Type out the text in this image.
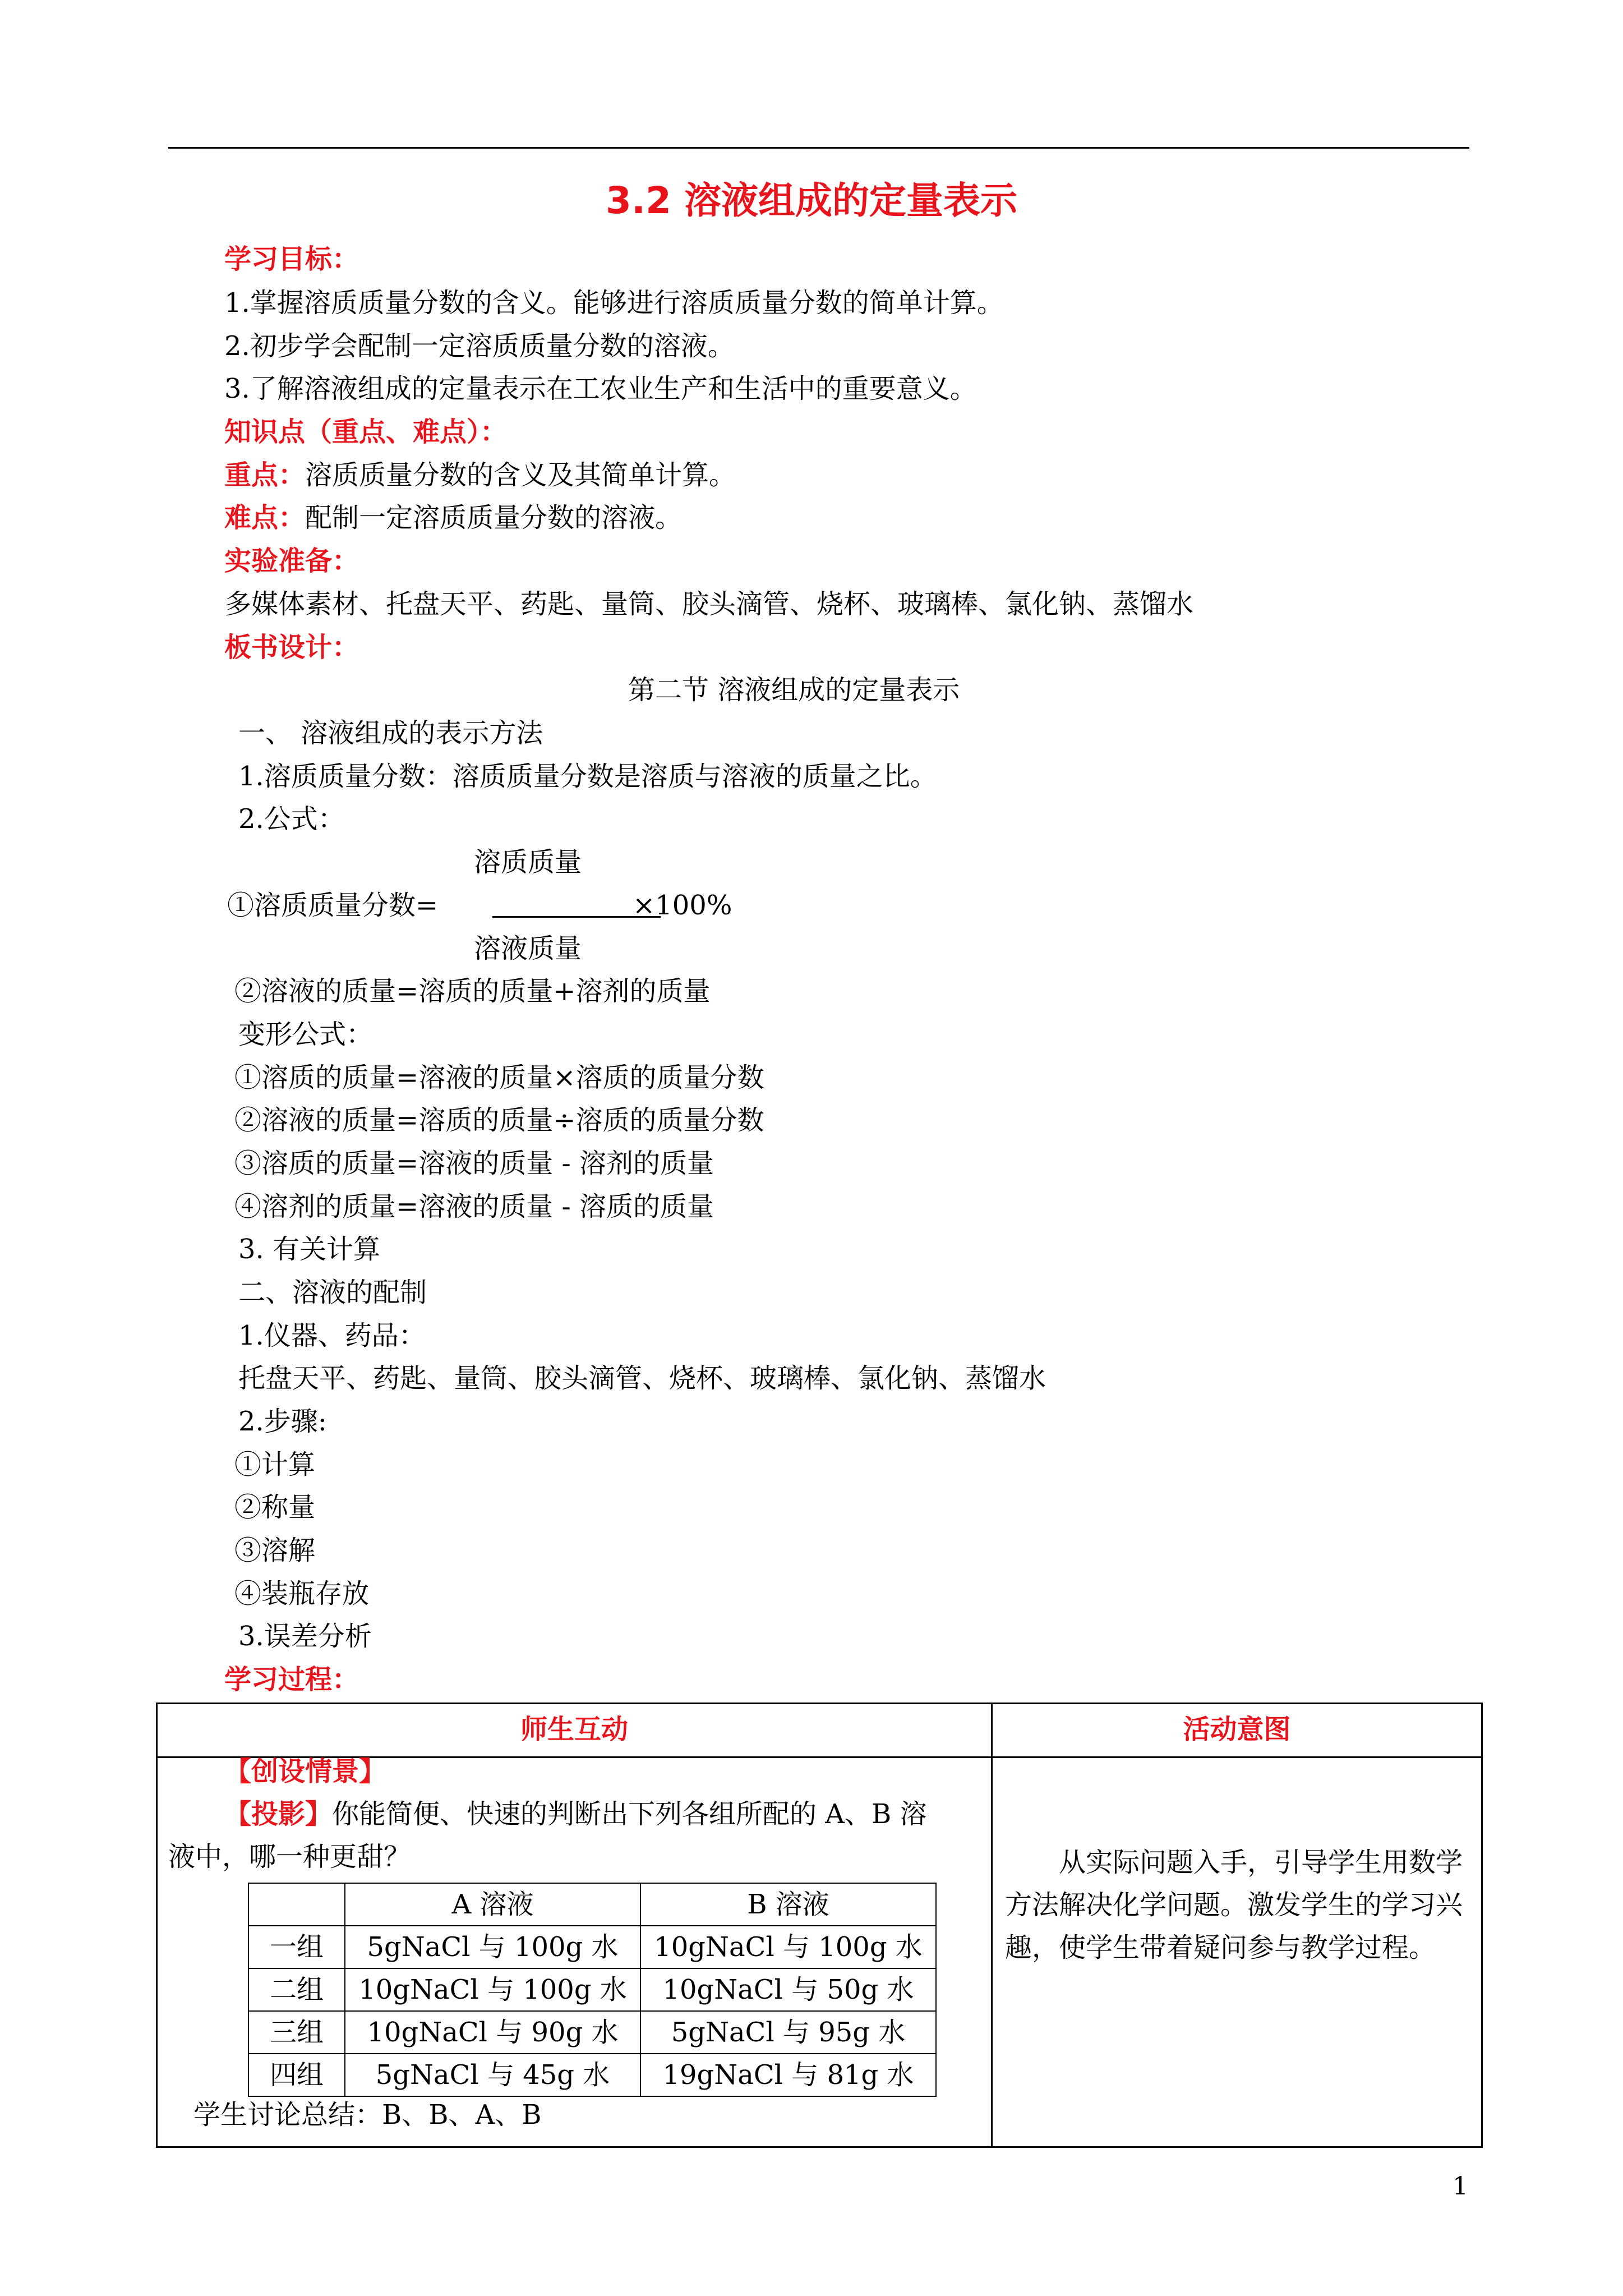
3.2 溶液组成的定量表示
学习目标：
1.掌握溶质质量分数的含义。能够进行溶质质量分数的简单计算。
2.初步学会配制一定溶质质量分数的溶液。
3.了解溶液组成的定量表示在工农业生产和生活中的重要意义。
知识点（重点、难点）：
重点：溶质质量分数的含义及其简单计算。
难点：配制一定溶质质量分数的溶液。
实验准备：
多媒体素材、托盘天平、药匙、量筒、胶头滴管、烧杯、玻璃棒、氯化钠、蒸馏水
板书设计：
第二节 溶液组成的定量表示
一、 溶液组成的表示方法
1.溶质质量分数：溶质质量分数是溶质与溶液的质量之比。
2.公式：
溶质质量
①溶质质量分数=	×100%
溶液质量
②溶液的质量=溶质的质量+溶剂的质量
变形公式：
①溶质的质量=溶液的质量×溶质的质量分数
②溶液的质量=溶质的质量÷溶质的质量分数
③溶质的质量=溶液的质量 - 溶剂的质量
④溶剂的质量=溶液的质量 - 溶质的质量
3. 有关计算
二、溶液的配制
1.仪器、药品：
托盘天平、药匙、量筒、胶头滴管、烧杯、玻璃棒、氯化钠、蒸馏水
2.步骤:
①计算
②称量
③溶解
④装瓶存放
3.误差分析
学习过程：
师生互动	活动意图
【创设情景】
【投影】你能简便、快速的判断出下列各组所配的 A、B 溶
液中，哪一种更甜？
	A 溶液	B 溶液
一组	5gNaCl 与 100g 水	10gNaCl 与 100g 水
二组	10gNaCl 与 100g 水	10gNaCl 与 50g 水
三组	10gNaCl 与 90g 水	5gNaCl 与 95g 水
四组	5gNaCl 与 45g 水	19gNaCl 与 81g 水
学生讨论总结：B、B、A、B
从实际问题入手，引导学生用数学方法解决化学问题。激发学生的学习兴趣，使学生带着疑问参与教学过程。
1
